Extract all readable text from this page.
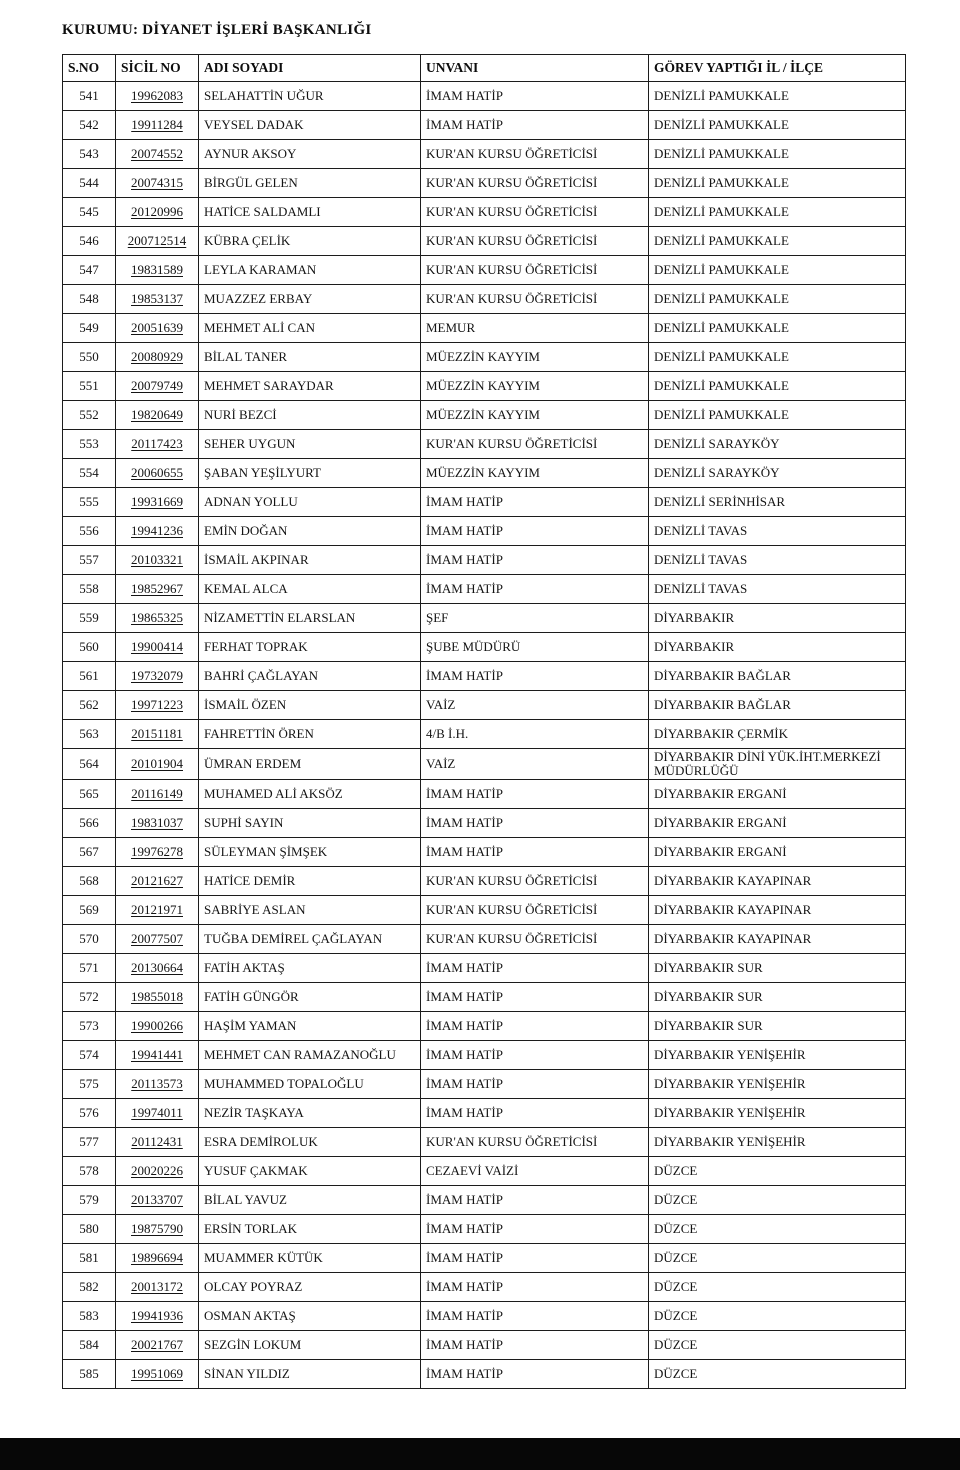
KURUMU: DİYANET İŞLERİ BAŞKANLIĞI
S.NO	SİCİL NO	ADI SOYADI	UNVANI	GÖREV YAPTIĞI İL / İLÇE
541	19962083	SELAHATTİN UĞUR	İMAM HATİP	DENİZLİ PAMUKKALE
542	19911284	VEYSEL DADAK	İMAM HATİP	DENİZLİ PAMUKKALE
543	20074552	AYNUR AKSOY	KUR'AN KURSU ÖĞRETİCİSİ	DENİZLİ PAMUKKALE
544	20074315	BİRGÜL GELEN	KUR'AN KURSU ÖĞRETİCİSİ	DENİZLİ PAMUKKALE
545	20120996	HATİCE SALDAMLI	KUR'AN KURSU ÖĞRETİCİSİ	DENİZLİ PAMUKKALE
546	200712514	KÜBRA ÇELİK	KUR'AN KURSU ÖĞRETİCİSİ	DENİZLİ PAMUKKALE
547	19831589	LEYLA KARAMAN	KUR'AN KURSU ÖĞRETİCİSİ	DENİZLİ PAMUKKALE
548	19853137	MUAZZEZ ERBAY	KUR'AN KURSU ÖĞRETİCİSİ	DENİZLİ PAMUKKALE
549	20051639	MEHMET ALİ CAN	MEMUR	DENİZLİ PAMUKKALE
550	20080929	BİLAL TANER	MÜEZZİN KAYYIM	DENİZLİ PAMUKKALE
551	20079749	MEHMET SARAYDAR	MÜEZZİN KAYYIM	DENİZLİ PAMUKKALE
552	19820649	NURİ BEZCİ	MÜEZZİN KAYYIM	DENİZLİ PAMUKKALE
553	20117423	SEHER UYGUN	KUR'AN KURSU ÖĞRETİCİSİ	DENİZLİ SARAYKÖY
554	20060655	ŞABAN YEŞİLYURT	MÜEZZİN KAYYIM	DENİZLİ SARAYKÖY
555	19931669	ADNAN YOLLU	İMAM HATİP	DENİZLİ SERİNHİSAR
556	19941236	EMİN DOĞAN	İMAM HATİP	DENİZLİ TAVAS
557	20103321	İSMAİL AKPINAR	İMAM HATİP	DENİZLİ TAVAS
558	19852967	KEMAL ALCA	İMAM HATİP	DENİZLİ TAVAS
559	19865325	NİZAMETTİN ELARSLAN	ŞEF	DİYARBAKIR
560	19900414	FERHAT TOPRAK	ŞUBE MÜDÜRÜ	DİYARBAKIR
561	19732079	BAHRİ ÇAĞLAYAN	İMAM HATİP	DİYARBAKIR BAĞLAR
562	19971223	İSMAİL ÖZEN	VAİZ	DİYARBAKIR BAĞLAR
563	20151181	FAHRETTİN ÖREN	4/B İ.H.	DİYARBAKIR ÇERMİK
564	20101904	ÜMRAN ERDEM	VAİZ	DİYARBAKIR DİNİ YÜK.İHT.MERKEZİ MÜDÜRLÜĞÜ
565	20116149	MUHAMED ALİ AKSÖZ	İMAM HATİP	DİYARBAKIR ERGANİ
566	19831037	SUPHİ SAYIN	İMAM HATİP	DİYARBAKIR ERGANİ
567	19976278	SÜLEYMAN ŞİMŞEK	İMAM HATİP	DİYARBAKIR ERGANİ
568	20121627	HATİCE DEMİR	KUR'AN KURSU ÖĞRETİCİSİ	DİYARBAKIR KAYAPINAR
569	20121971	SABRİYE ASLAN	KUR'AN KURSU ÖĞRETİCİSİ	DİYARBAKIR KAYAPINAR
570	20077507	TUĞBA DEMİREL ÇAĞLAYAN	KUR'AN KURSU ÖĞRETİCİSİ	DİYARBAKIR KAYAPINAR
571	20130664	FATİH AKTAŞ	İMAM HATİP	DİYARBAKIR SUR
572	19855018	FATİH GÜNGÖR	İMAM HATİP	DİYARBAKIR SUR
573	19900266	HAŞİM YAMAN	İMAM HATİP	DİYARBAKIR SUR
574	19941441	MEHMET CAN RAMAZANOĞLU	İMAM HATİP	DİYARBAKIR YENİŞEHİR
575	20113573	MUHAMMED TOPALOĞLU	İMAM HATİP	DİYARBAKIR YENİŞEHİR
576	19974011	NEZİR TAŞKAYA	İMAM HATİP	DİYARBAKIR YENİŞEHİR
577	20112431	ESRA DEMİROLUK	KUR'AN KURSU ÖĞRETİCİSİ	DİYARBAKIR YENİŞEHİR
578	20020226	YUSUF ÇAKMAK	CEZAEVİ VAİZİ	DÜZCE
579	20133707	BİLAL YAVUZ	İMAM HATİP	DÜZCE
580	19875790	ERSİN TORLAK	İMAM HATİP	DÜZCE
581	19896694	MUAMMER KÜTÜK	İMAM HATİP	DÜZCE
582	20013172	OLCAY POYRAZ	İMAM HATİP	DÜZCE
583	19941936	OSMAN AKTAŞ	İMAM HATİP	DÜZCE
584	20021767	SEZGİN LOKUM	İMAM HATİP	DÜZCE
585	19951069	SİNAN YILDIZ	İMAM HATİP	DÜZCE
